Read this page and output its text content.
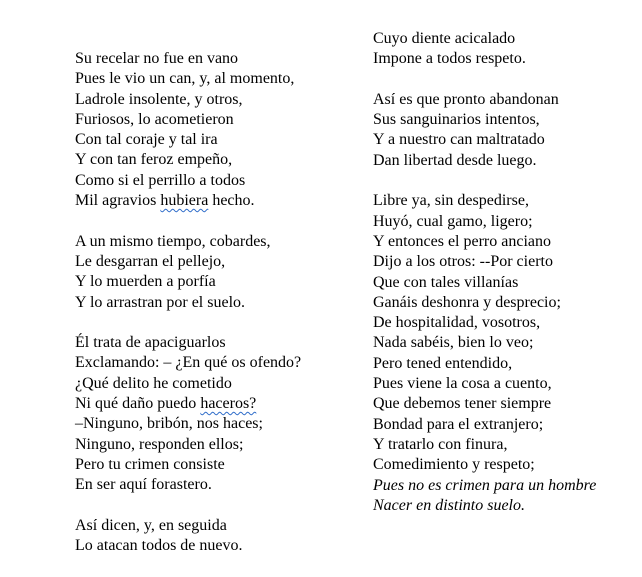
Su recelar no fue en vano
Pues le vio un can, y, al momento,
Ladrole insolente, y otros,
Furiosos, lo acometieron
Con tal coraje y tal ira
Y con tan feroz empeño,
Como si el perrillo a todos
Mil agravios hubiera hecho.
A un mismo tiempo, cobardes,
Le desgarran el pellejo,
Y lo muerden a porfía
Y lo arrastran por el suelo.
Él trata de apaciguarlos
Exclamando: – ¿En qué os ofendo?
¿Qué delito he cometido
Ni qué daño puedo haceros?
–Ninguno, bribón, nos haces;
Ninguno, responden ellos;
Pero tu crimen consiste
En ser aquí forastero.
Así dicen, y, en seguida
Lo atacan todos de nuevo.
Cuyo diente acicalado
Impone a todos respeto.
Así es que pronto abandonan
Sus sanguinarios intentos,
Y a nuestro can maltratado
Dan libertad desde luego.
Libre ya, sin despedirse,
Huyó, cual gamo, ligero;
Y entonces el perro anciano
Dijo a los otros: --Por cierto
Que con tales villanías
Ganáis deshonra y desprecio;
De hospitalidad, vosotros,
Nada sabéis, bien lo veo;
Pero tened entendido,
Pues viene la cosa a cuento,
Que debemos tener siempre
Bondad para el extranjero;
Y tratarlo con finura,
Comedimiento y respeto;
Pues no es crimen para un hombre
Nacer en distinto suelo.
